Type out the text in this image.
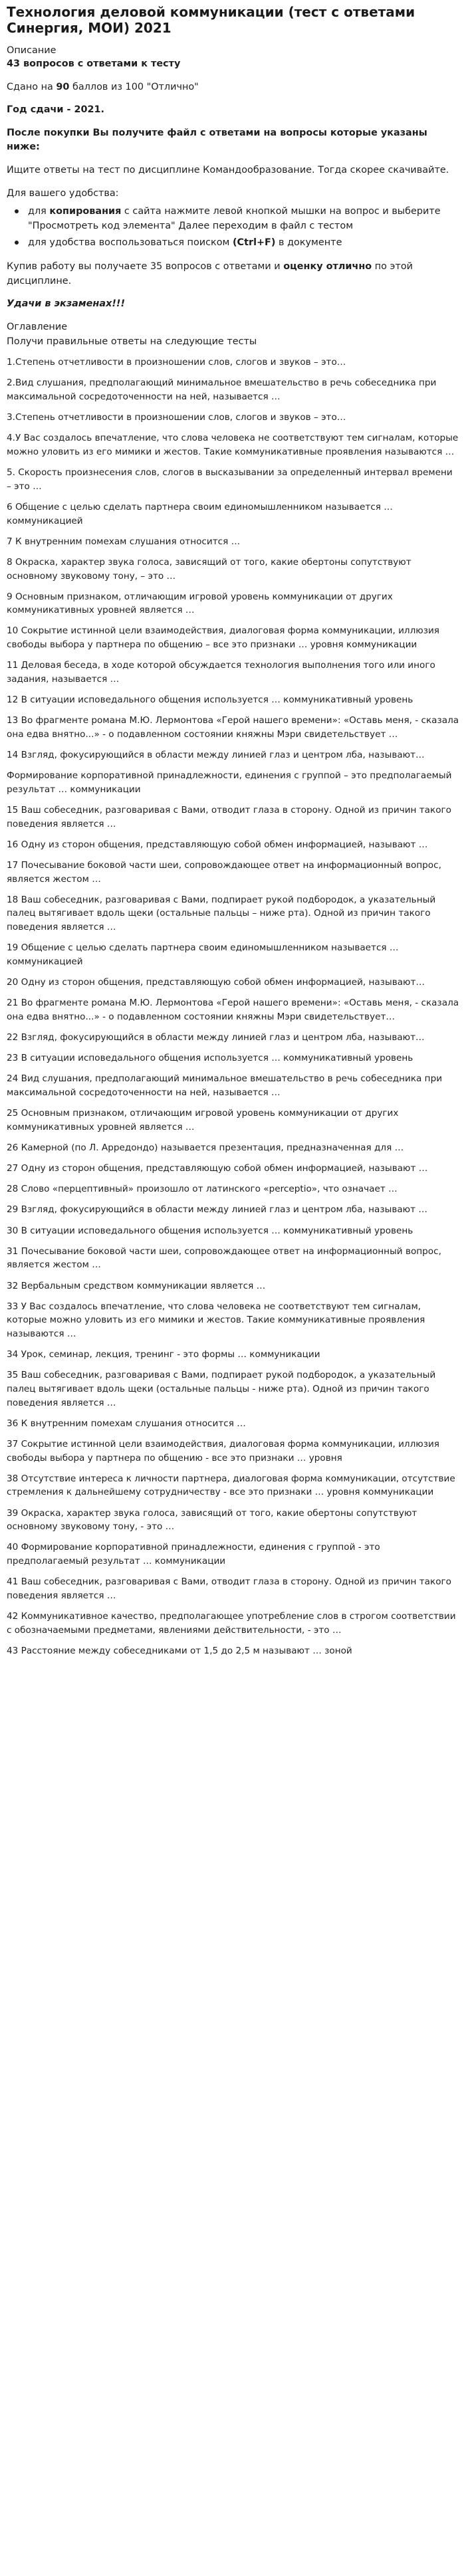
Технология деловой коммуникации (тест с ответами Синергия, МОИ) 2021
Описание
43 вопросов с ответами к тесту
Сдано на 90 баллов из 100 "Отлично"
Год сдачи - 2021.
После покупки Вы получите файл с ответами на вопросы которые указаны ниже:
Ищите ответы на тест по дисциплине Командообразование. Тогда скорее скачивайте.
Для вашего удобства:
для копирования с сайта нажмите левой кнопкой мышки на вопрос и выберите "Просмотреть код элемента" Далее переходим в файл с тестом
для удобства воспользоваться поиском (Ctrl+F) в документе
Купив работу вы получаете 35 вопросов с ответами и оценку отлично по этой дисциплине.
Удачи в экзаменах!!!
Оглавление
Получи правильные ответы на следующие тесты
1.Степень отчетливости в произношении слов, слогов и звуков – это…
2.Вид слушания, предполагающий минимальное вмешательство в речь собеседника при максимальной сосредоточенности на ней, называется …
3.Степень отчетливости в произношении слов, слогов и звуков – это…
4.У Вас создалось впечатление, что слова человека не соответствуют тем сигналам, которые можно уловить из его мимики и жестов. Такие коммуникативные проявления называются …
5. Скорость произнесения слов, слогов в высказывании за определенный интервал времени – это …
6 Общение с целью сделать партнера своим единомышленником называется … коммуникацией
7 К внутренним помехам слушания относится …
8 Окраска, характер звука голоса, зависящий от того, какие обертоны сопутствуют основному звуковому тону, – это …
9 Основным признаком, отличающим игровой уровень коммуникации от других коммуникативных уровней является …
10 Сокрытие истинной цели взаимодействия, диалоговая форма коммуникации, иллюзия свободы выбора у партнера по общению – все это признаки … уровня коммуникации
11 Деловая беседа, в ходе которой обсуждается технология выполнения того или иного задания, называется …
12 В ситуации исповедального общения используется … коммуникативный уровень
13 Во фрагменте романа М.Ю. Лермонтова «Герой нашего времени»: «Оставь меня, - сказала она едва внятно...» - о подавленном состоянии княжны Мэри свидетельствует …
14 Взгляд, фокусирующийся в области между линией глаз и центром лба, называют…
Формирование корпоративной принадлежности, единения с группой – это предполагаемый результат … коммуникации
15 Ваш собеседник, разговаривая с Вами, отводит глаза в сторону. Одной из причин такого поведения является …
16 Одну из сторон общения, представляющую собой обмен информацией, называют …
17 Почесывание боковой части шеи, сопровождающее ответ на информационный вопрос, является жестом …
18 Ваш собеседник, разговаривая с Вами, подпирает рукой подбородок, а указательный палец вытягивает вдоль щеки (остальные пальцы – ниже рта). Одной из причин такого поведения является …
19 Общение с целью сделать партнера своим единомышленником называется … коммуникацией
20 Одну из сторон общения, представляющую собой обмен информацией, называют…
21 Во фрагменте романа М.Ю. Лермонтова «Герой нашего времени»: «Оставь меня, - сказала она едва внятно...» - о подавленном состоянии княжны Мэри свидетельствует…
22 Взгляд, фокусирующийся в области между линией глаз и центром лба, называют…
23 В ситуации исповедального общения используется … коммуникативный уровень
24 Вид слушания, предполагающий минимальное вмешательство в речь собеседника при максимальной сосредоточенности на ней, называется …
25 Основным признаком, отличающим игровой уровень коммуникации от других коммуникативных уровней является …
26 Камерной (по Л. Арредондо) называется презентация, предназначенная для …
27 Одну из сторон общения, представляющую собой обмен информацией, называют …
28 Слово «перцептивный» произошло от латинского «perceptio», что означает …
29 Взгляд, фокусирующийся в области между линией глаз и центром лба, называют …
30 В ситуации исповедального общения используется … коммуникативный уровень
31 Почесывание боковой части шеи, сопровождающее ответ на информационный вопрос, является жестом …
32 Вербальным средством коммуникации является …
33 У Вас создалось впечатление, что слова человека не соответствуют тем сигналам, которые можно уловить из его мимики и жестов. Такие коммуникативные проявления называются …
34 Урок, семинар, лекция, тренинг - это формы … коммуникации
35 Ваш собеседник, разговаривая с Вами, подпирает рукой подбородок, а указательный палец вытягивает вдоль щеки (остальные пальцы - ниже рта). Одной из причин такого поведения является …
36 К внутренним помехам слушания относится …
37 Сокрытие истинной цели взаимодействия, диалоговая форма коммуникации, иллюзия свободы выбора у партнера по общению - все это признаки … уровня
38 Отсутствие интереса к личности партнера, диалоговая форма коммуникации, отсутствие стремления к дальнейшему сотрудничеству - все это признаки … уровня коммуникации
39 Окраска, характер звука голоса, зависящий от того, какие обертоны сопутствуют основному звуковому тону, - это …
40 Формирование корпоративной принадлежности, единения с группой - это предполагаемый результат … коммуникации
41 Ваш собеседник, разговаривая с Вами, отводит глаза в сторону. Одной из причин такого поведения является …
42 Коммуникативное качество, предполагающее употребление слов в строгом соответствии с обозначаемыми предметами, явлениями действительности, - это …
43 Расстояние между собеседниками от 1,5 до 2,5 м называют … зоной
